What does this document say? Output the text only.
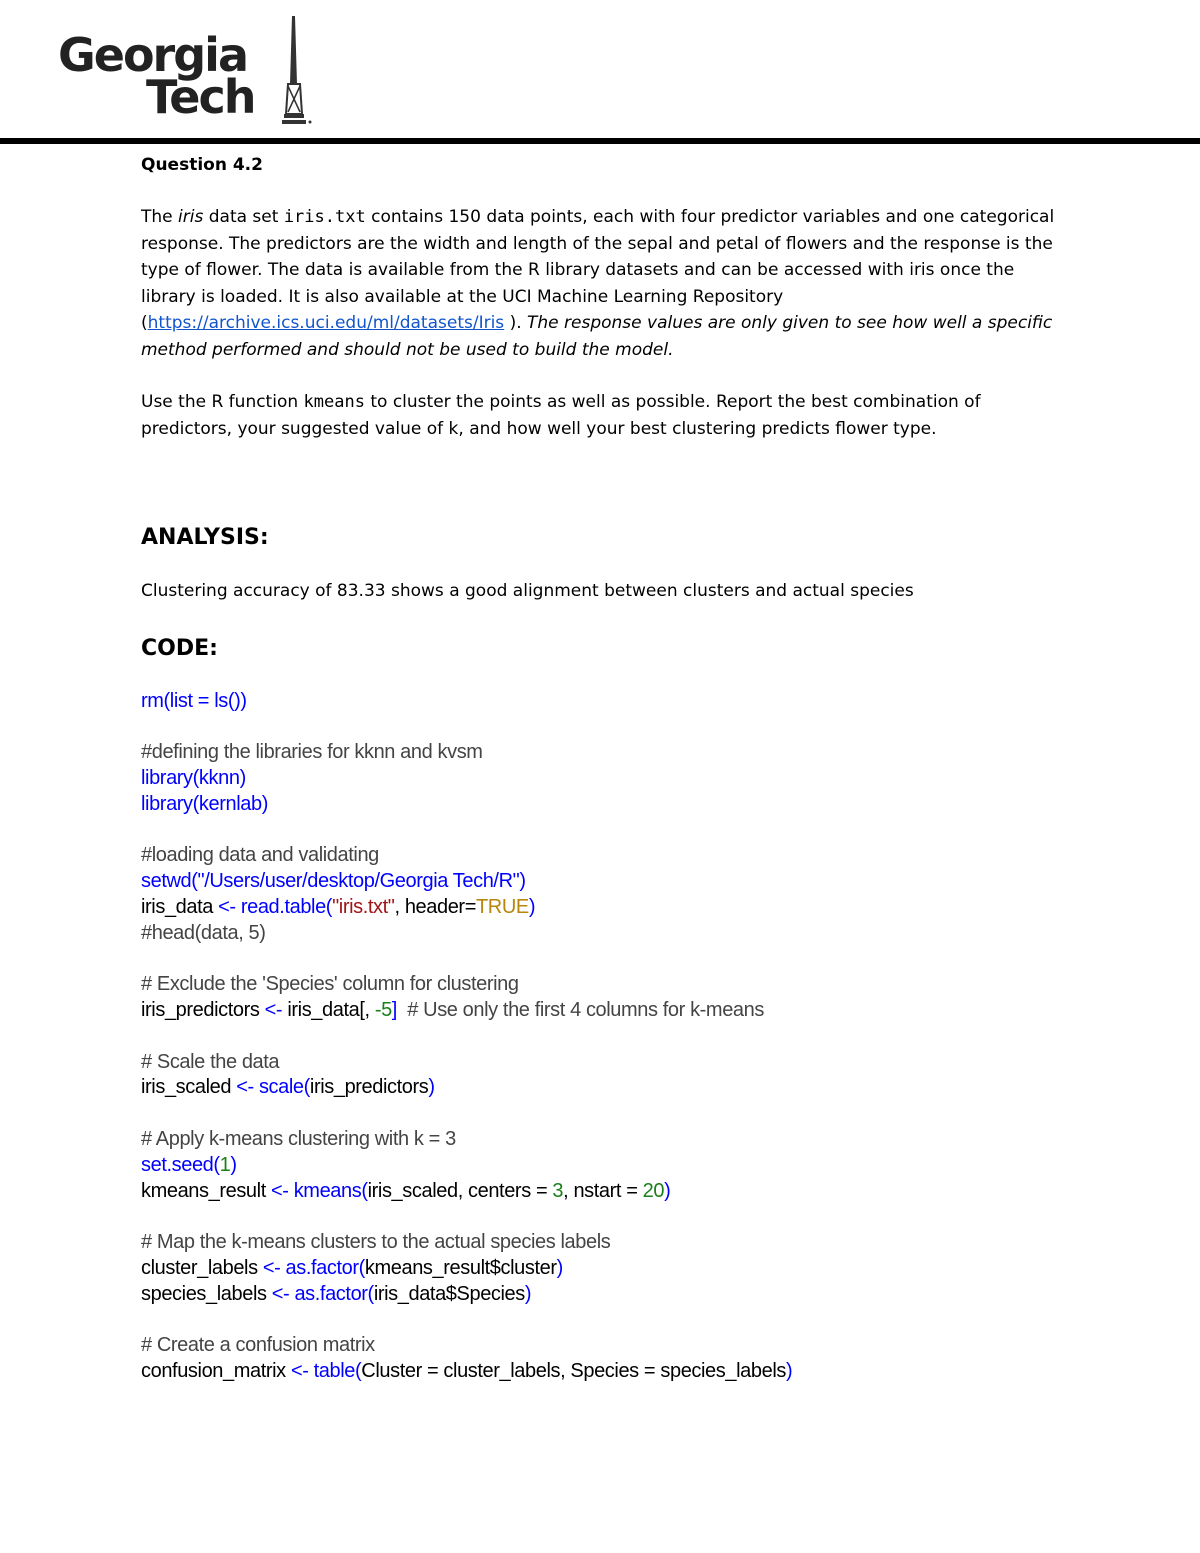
Georgia
Tech

Question 4.2

The iris data set iris.txt contains 150 data points, each with four predictor variables and one categorical response. The predictors are the width and length of the sepal and petal of flowers and the response is the type of flower. The data is available from the R library datasets and can be accessed with iris once the library is loaded. It is also available at the UCI Machine Learning Repository (https://archive.ics.uci.edu/ml/datasets/Iris ). The response values are only given to see how well a specific method performed and should not be used to build the model.

Use the R function kmeans to cluster the points as well as possible. Report the best combination of predictors, your suggested value of k, and how well your best clustering predicts flower type.

ANALYSIS:

Clustering accuracy of 83.33 shows a good alignment between clusters and actual species

CODE:

rm(list = ls())
#defining the libraries for kknn and kvsm
library(kknn)
library(kernlab)
#loading data and validating
setwd("/Users/user/desktop/Georgia Tech/R")
iris_data <- read.table("iris.txt", header=TRUE)
#head(data, 5)
# Exclude the 'Species' column for clustering
iris_predictors <- iris_data[, -5]  # Use only the first 4 columns for k-means
# Scale the data
iris_scaled <- scale(iris_predictors)
# Apply k-means clustering with k = 3
set.seed(1)
kmeans_result <- kmeans(iris_scaled, centers = 3, nstart = 20)
# Map the k-means clusters to the actual species labels
cluster_labels <- as.factor(kmeans_result$cluster)
species_labels <- as.factor(iris_data$Species)
# Create a confusion matrix
confusion_matrix <- table(Cluster = cluster_labels, Species = species_labels)
